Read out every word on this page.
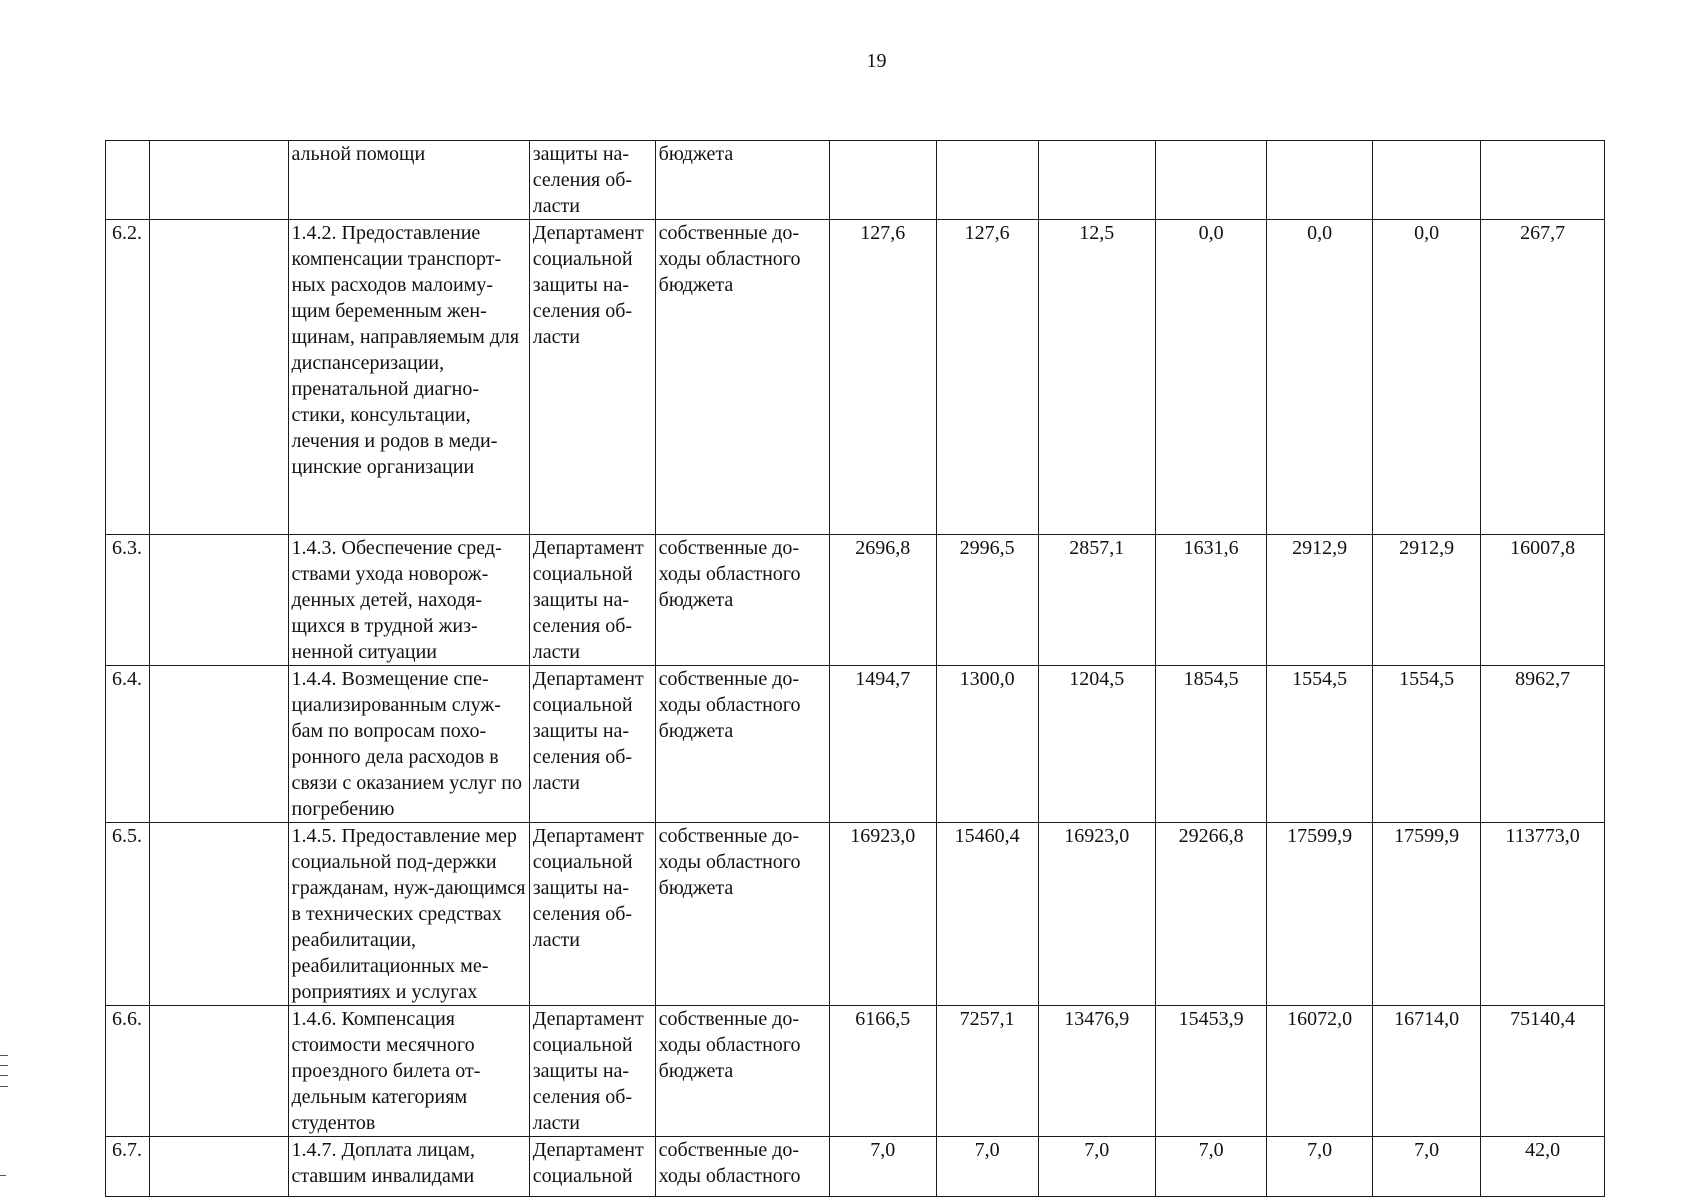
19
		альной помощи	защиты на-селения об-ласти	бюджета							
6.2.		1.4.2. Предоставление компенсации транспорт-ных расходов малоиму-щим беременным жен-щинам, направляемым для диспансеризации, пренатальной диагно-стики, консультации, лечения и родов в меди-цинские организации	Департамент социальной защиты на-селения об-ласти	собственные до-ходы областного бюджета	127,6	127,6	12,5	0,0	0,0	0,0	267,7
6.3.		1.4.3. Обеспечение сред-ствами ухода новорож-денных детей, находя-щихся в трудной жиз-ненной ситуации	Департамент социальной защиты на-селения об-ласти	собственные до-ходы областного бюджета	2696,8	2996,5	2857,1	1631,6	2912,9	2912,9	16007,8
6.4.		1.4.4. Возмещение спе-циализированным служ-бам по вопросам похо-ронного дела расходов в связи с оказанием услуг по погребению	Департамент социальной защиты на-селения об-ласти	собственные до-ходы областного бюджета	1494,7	1300,0	1204,5	1854,5	1554,5	1554,5	8962,7
6.5.		1.4.5. Предоставление мер социальной под-держки гражданам, нуж-дающимся в технических средствах реабилитации, реабилитационных ме-роприятиях и услугах	Департамент социальной защиты на-селения об-ласти	собственные до-ходы областного бюджета	16923,0	15460,4	16923,0	29266,8	17599,9	17599,9	113773,0
6.6.		1.4.6. Компенсация стоимости месячного проездного билета от-дельным категориям студентов	Департамент социальной защиты на-селения об-ласти	собственные до-ходы областного бюджета	6166,5	7257,1	13476,9	15453,9	16072,0	16714,0	75140,4
6.7.		1.4.7. Доплата лицам, ставшим инвалидами	Департамент социальной	собственные до-ходы областного	7,0	7,0	7,0	7,0	7,0	7,0	42,0
